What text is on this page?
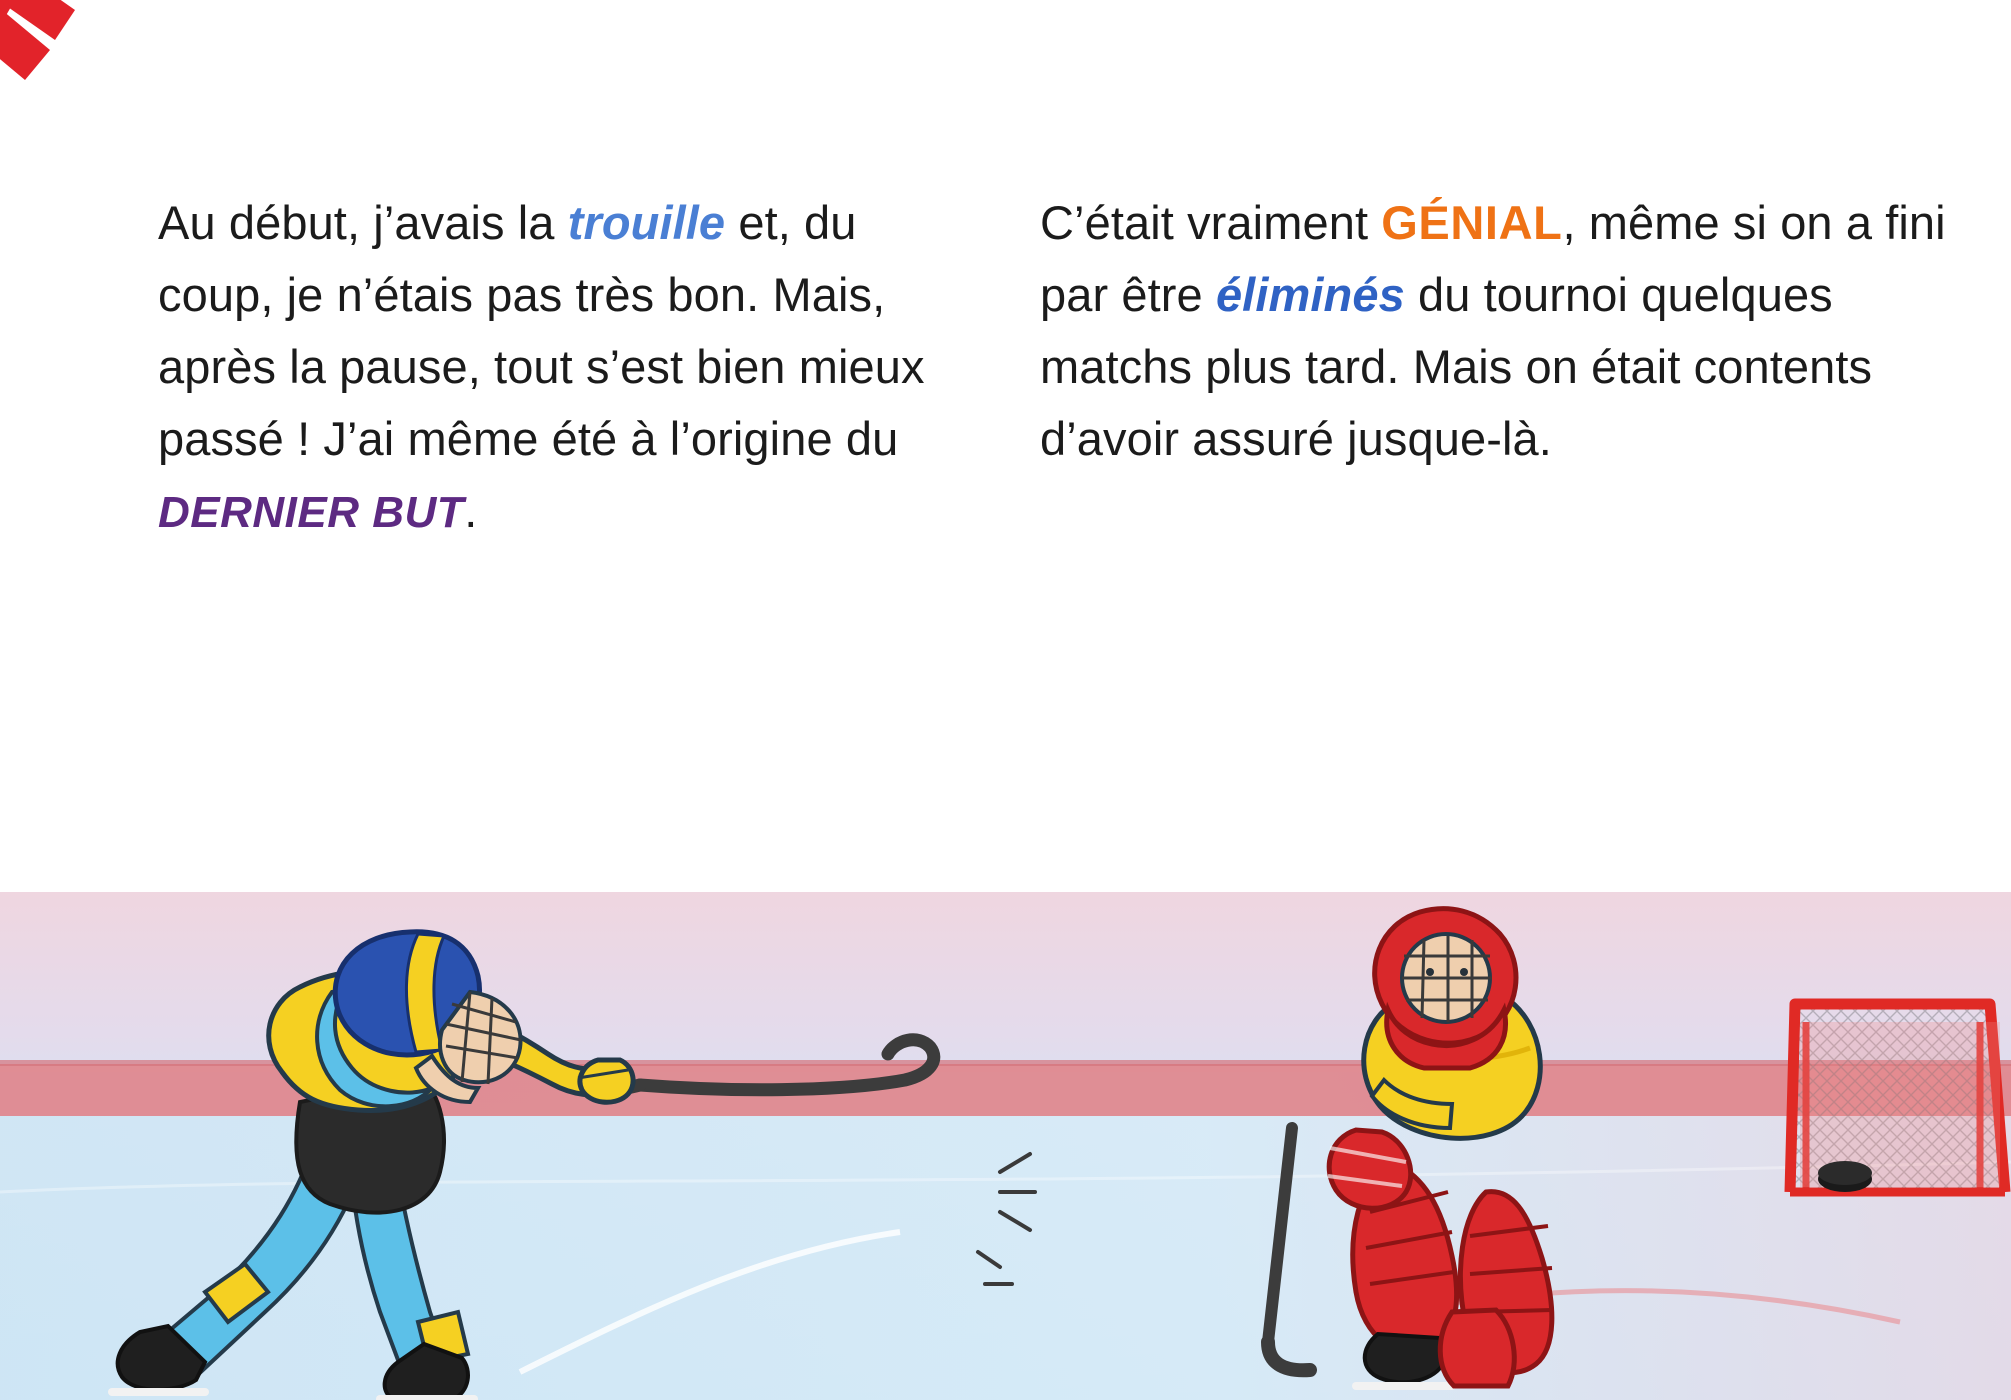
Au début, j’avais la trouille et, du coup, je n’étais pas très bon. Mais, après la pause, tout s’est bien mieux passé ! J’ai même été à l’origine du DERNIER BUT.

C’était vraiment GÉNIAL, même si on a fini par être éliminés du tournoi quelques matchs plus tard. Mais on était contents d’avoir assuré jusque-là.
